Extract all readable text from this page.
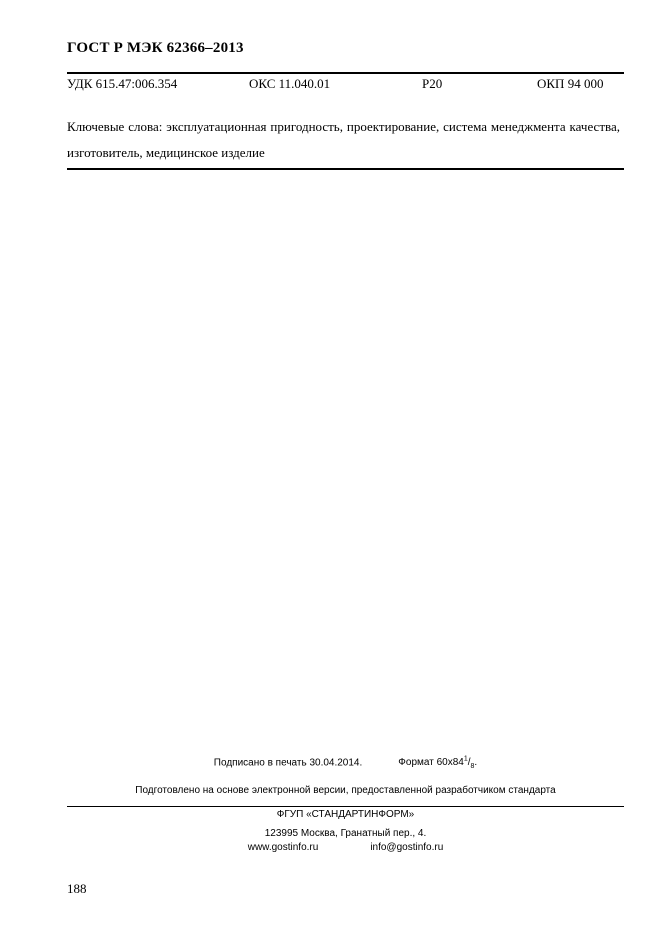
ГОСТ Р МЭК 62366–2013
УДК 615.47:006.354	ОКС 11.040.01	Р20	ОКП 94 000
Ключевые слова: эксплуатационная пригодность, проектирование, система менеджмента качества, изготовитель, медицинское изделие
Подписано в печать 30.04.2014.	Формат $60x84^1/_8$.
Подготовлено на основе электронной версии, предоставленной разработчиком стандарта
ФГУП «СТАНДАРТИНФОРМ»
123995 Москва, Гранатный пер., 4.
www.gostinfo.ru	info@gostinfo.ru
188
